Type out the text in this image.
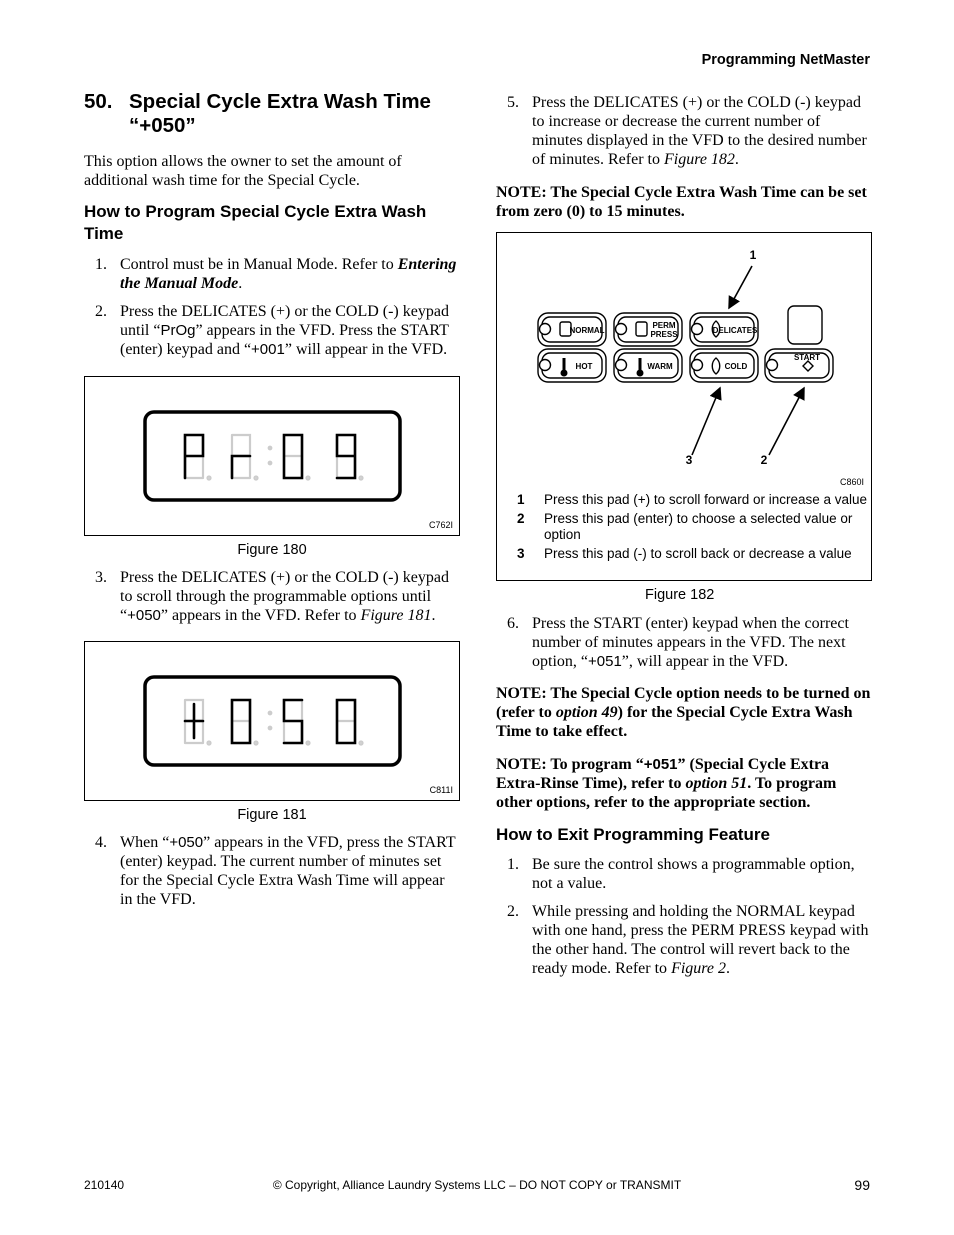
Programming NetMaster
50. Special Cycle Extra Wash Time
“+050”

This option allows the owner to set the amount of additional wash time for the Special Cycle.

How to Program Special Cycle Extra Wash Time
1. Control must be in Manual Mode. Refer to Entering the Manual Mode.
2. Press the DELICATES (+) or the COLD (-) keypad until “PrOg” appears in the VFD. Press the START (enter) keypad and “+001” will appear in the VFD.
C762I
Figure 180
3. Press the DELICATES (+) or the COLD (-) keypad to scroll through the programmable options until “+050” appears in the VFD. Refer to Figure 181.
C811I
Figure 181
4. When “+050” appears in the VFD, press the START (enter) keypad. The current number of minutes set for the Special Cycle Extra Wash Time will appear in the VFD.
5. Press the DELICATES (+) or the COLD (-) keypad to increase or decrease the current number of minutes displayed in the VFD to the desired number of minutes. Refer to Figure 182.

NOTE: The Special Cycle Extra Wash Time can be set from zero (0) to 15 minutes.

NORMAL
PERM
PRESS	DELICATES
HOT	WARM	COLD
START
1
2
3
C860I
1 Press this pad (+) to scroll forward or increase a value
2 Press this pad (enter) to choose a selected value or option
3 Press this pad (-) to scroll back or decrease a value
Figure 182
6. Press the START (enter) keypad when the correct number of minutes appears in the VFD. The next option, “+051”, will appear in the VFD.

NOTE: The Special Cycle option needs to be turned on (refer to option 49) for the Special Cycle Extra Wash Time to take effect.

NOTE: To program “+051” (Special Cycle Extra Extra-Rinse Time), refer to option 51. To program other options, refer to the appropriate section.

How to Exit Programming Feature
1. Be sure the control shows a programmable option, not a value.
2. While pressing and holding the NORMAL keypad with one hand, press the PERM PRESS keypad with the other hand. The control will revert back to the ready mode. Refer to Figure 2.
210140	© Copyright, Alliance Laundry Systems LLC – DO NOT COPY or TRANSMIT	99
